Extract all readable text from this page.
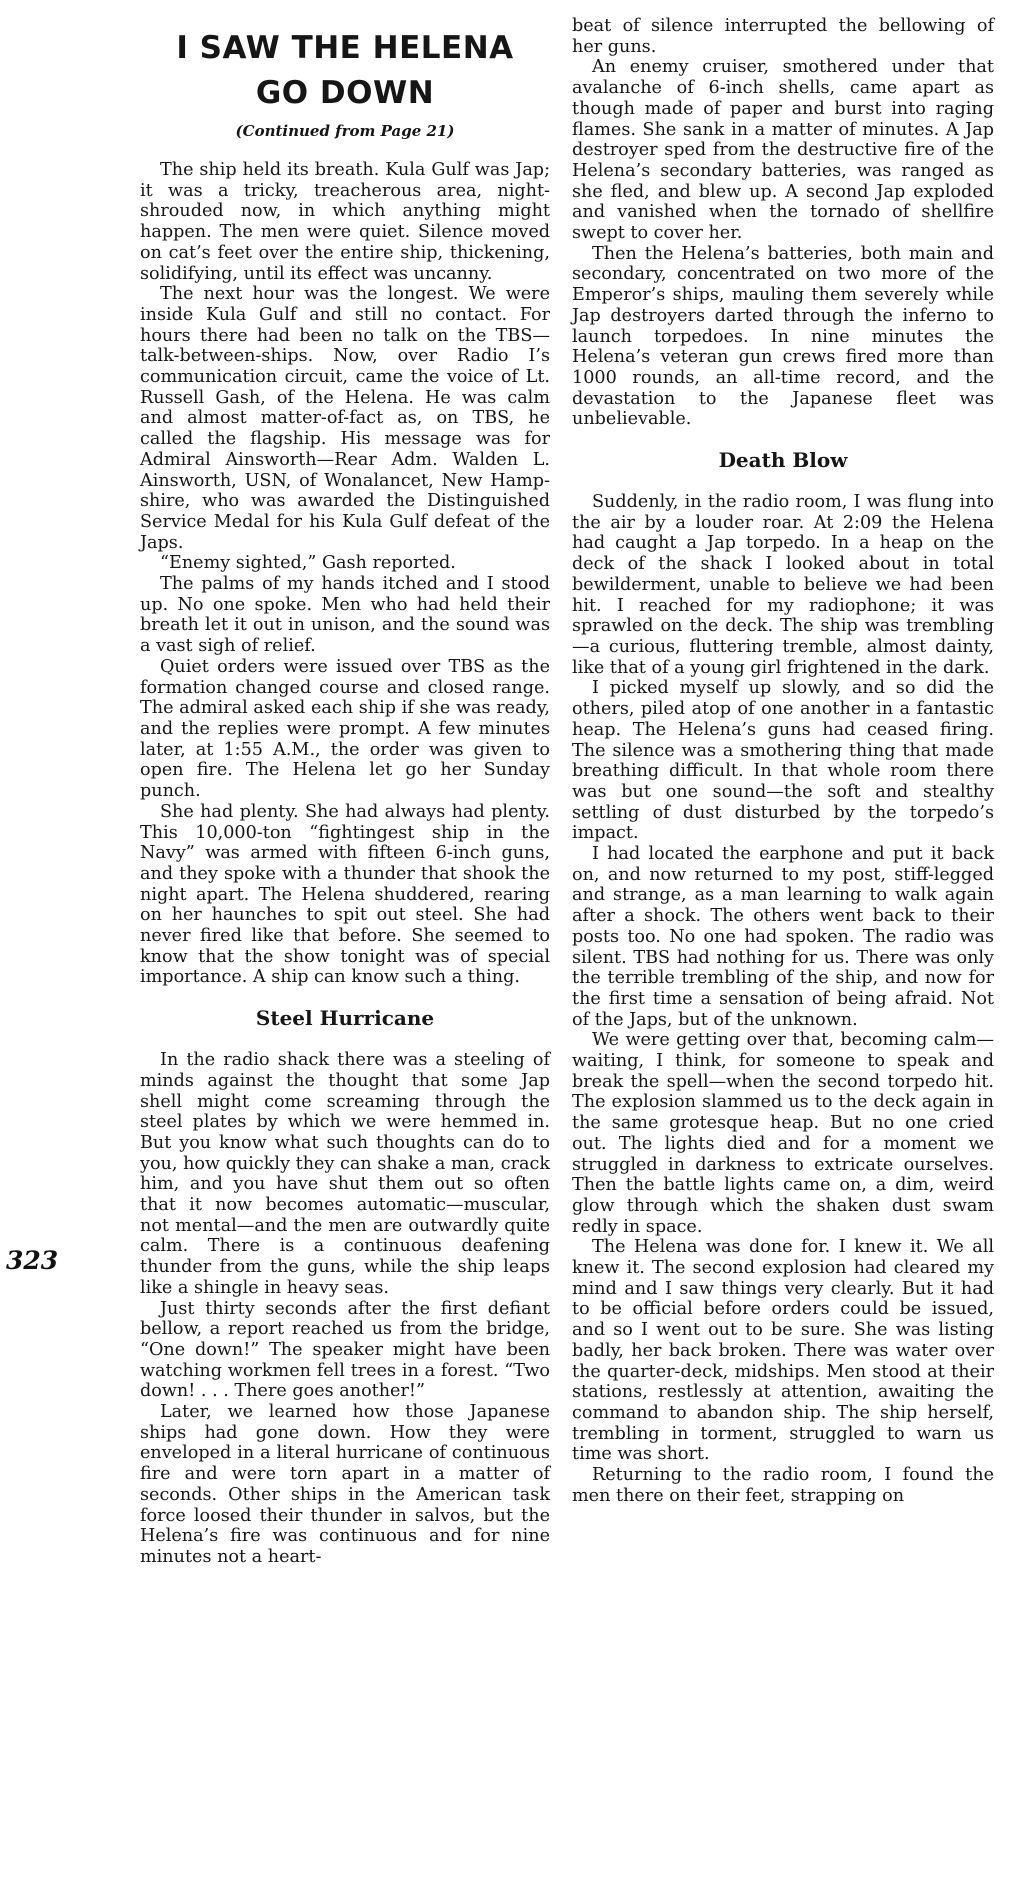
323
I SAW THE HELENA
GO DOWN
(Continued from Page 21)

The ship held its breath. Kula Gulf was Jap; it was a tricky, treacherous area, night-shrouded now, in which anything might happen. The men were quiet. Silence moved on cat’s feet over the entire ship, thickening, solidifying, until its effect was uncanny.

The next hour was the longest. We were inside Kula Gulf and still no contact. For hours there had been no talk on the TBS—talk-between-ships. Now, over Radio I’s communication circuit, came the voice of Lt. Russell Gash, of the Helena. He was calm and almost matter-of-fact as, on TBS, he called the flagship. His message was for Admiral Ainsworth—Rear Adm. Walden L. Ainsworth, USN, of Wonalancet, New Hampshire, who was awarded the Distinguished Service Medal for his Kula Gulf defeat of the Japs.

“Enemy sighted,” Gash reported.

The palms of my hands itched and I stood up. No one spoke. Men who had held their breath let it out in unison, and the sound was a vast sigh of relief.

Quiet orders were issued over TBS as the formation changed course and closed range. The admiral asked each ship if she was ready, and the replies were prompt. A few minutes later, at 1:55 A.M., the order was given to open fire. The Helena let go her Sunday punch.

She had plenty. She had always had plenty. This 10,000-ton “fightingest ship in the Navy” was armed with fifteen 6-inch guns, and they spoke with a thunder that shook the night apart. The Helena shuddered, rearing on her haunches to spit out steel. She had never fired like that before. She seemed to know that the show tonight was of special importance. A ship can know such a thing.

Steel Hurricane

In the radio shack there was a steeling of minds against the thought that some Jap shell might come screaming through the steel plates by which we were hemmed in. But you know what such thoughts can do to you, how quickly they can shake a man, crack him, and you have shut them out so often that it now becomes automatic—muscular, not mental—and the men are outwardly quite calm. There is a continuous deafening thunder from the guns, while the ship leaps like a shingle in heavy seas.

Just thirty seconds after the first defiant bellow, a report reached us from the bridge, “One down!” The speaker might have been watching workmen fell trees in a forest. “Two down! . . . There goes another!”

Later, we learned how those Japanese ships had gone down. How they were enveloped in a literal hurricane of continuous fire and were torn apart in a matter of seconds. Other ships in the American task force loosed their thunder in salvos, but the Helena’s fire was continuous and for nine minutes not a heart-

beat of silence interrupted the bellowing of her guns.

An enemy cruiser, smothered under that avalanche of 6-inch shells, came apart as though made of paper and burst into raging flames. She sank in a matter of minutes. A Jap destroyer sped from the destructive fire of the Helena’s secondary batteries, was ranged as she fled, and blew up. A second Jap exploded and vanished when the tornado of shellfire swept to cover her.

Then the Helena’s batteries, both main and secondary, concentrated on two more of the Emperor’s ships, mauling them severely while Jap destroyers darted through the inferno to launch torpedoes. In nine minutes the Helena’s veteran gun crews fired more than 1000 rounds, an all-time record, and the devastation to the Japanese fleet was unbelievable.

Death Blow

Suddenly, in the radio room, I was flung into the air by a louder roar. At 2:09 the Helena had caught a Jap torpedo. In a heap on the deck of the shack I looked about in total bewilderment, unable to believe we had been hit. I reached for my radiophone; it was sprawled on the deck. The ship was trembling—a curious, fluttering tremble, almost dainty, like that of a young girl frightened in the dark.

I picked myself up slowly, and so did the others, piled atop of one another in a fantastic heap. The Helena’s guns had ceased firing. The silence was a smothering thing that made breathing difficult. In that whole room there was but one sound—the soft and stealthy settling of dust disturbed by the torpedo’s impact.

I had located the earphone and put it back on, and now returned to my post, stiff-legged and strange, as a man learning to walk again after a shock. The others went back to their posts too. No one had spoken. The radio was silent. TBS had nothing for us. There was only the terrible trembling of the ship, and now for the first time a sensation of being afraid. Not of the Japs, but of the unknown.

We were getting over that, becoming calm—waiting, I think, for someone to speak and break the spell—when the second torpedo hit. The explosion slammed us to the deck again in the same grotesque heap. But no one cried out. The lights died and for a moment we struggled in darkness to extricate ourselves. Then the battle lights came on, a dim, weird glow through which the shaken dust swam redly in space.

The Helena was done for. I knew it. We all knew it. The second explosion had cleared my mind and I saw things very clearly. But it had to be official before orders could be issued, and so I went out to be sure. She was listing badly, her back broken. There was water over the quarter-deck, midships. Men stood at their stations, restlessly at attention, awaiting the command to abandon ship. The ship herself, trembling in torment, struggled to warn us time was short.

Returning to the radio room, I found the men there on their feet, strapping on
